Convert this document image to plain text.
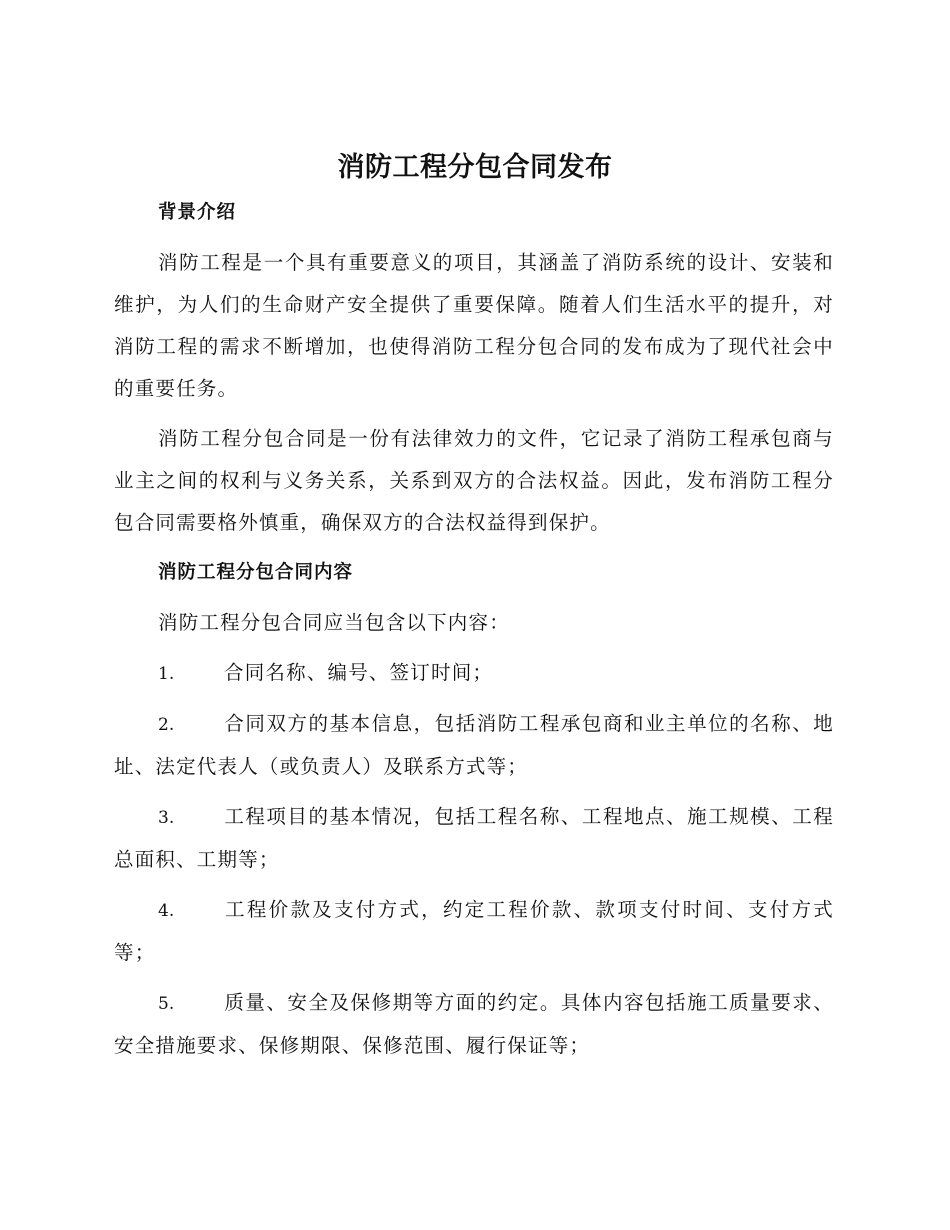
消防工程分包合同发布

背景介绍

消防工程是一个具有重要意义的项目，其涵盖了消防系统的设计、安装和维护，为人们的生命财产安全提供了重要保障。随着人们生活水平的提升，对消防工程的需求不断增加，也使得消防工程分包合同的发布成为了现代社会中的重要任务。

消防工程分包合同是一份有法律效力的文件，它记录了消防工程承包商与业主之间的权利与义务关系，关系到双方的合法权益。因此，发布消防工程分包合同需要格外慎重，确保双方的合法权益得到保护。

消防工程分包合同内容

消防工程分包合同应当包含以下内容：

1.	合同名称、编号、签订时间；

2.	合同双方的基本信息，包括消防工程承包商和业主单位的名称、地址、法定代表人（或负责人）及联系方式等；

3.	工程项目的基本情况，包括工程名称、工程地点、施工规模、工程总面积、工期等；

4.	工程价款及支付方式，约定工程价款、款项支付时间、支付方式等；

5.	质量、安全及保修期等方面的约定。具体内容包括施工质量要求、安全措施要求、保修期限、保修范围、履行保证等；
